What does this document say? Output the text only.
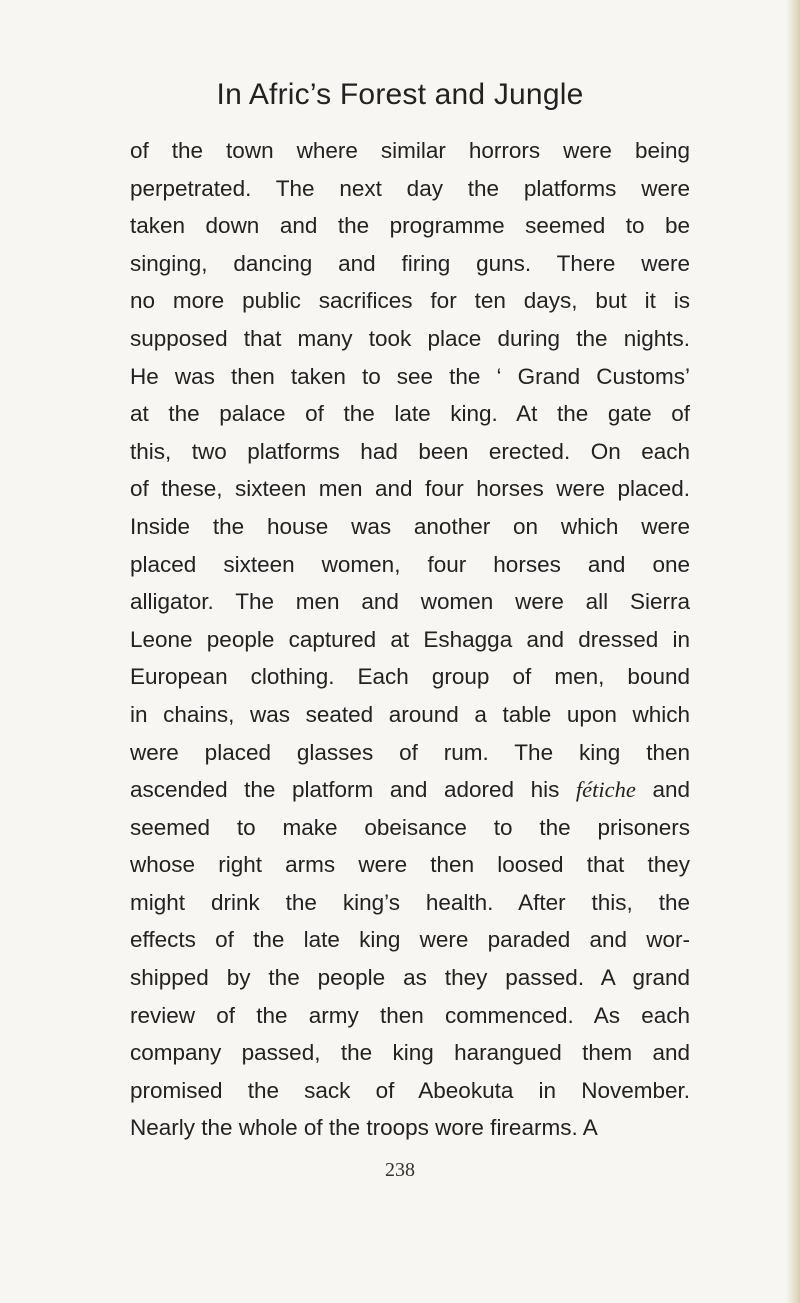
In Afric’s Forest and Jungle
of the town where similar horrors were being
perpetrated. The next day the platforms were
taken down and the programme seemed to be
singing, dancing and firing guns. There were
no more public sacrifices for ten days, but it is
supposed that many took place during the nights.
He was then taken to see the ‘ Grand Customs’
at the palace of the late king. At the gate of
this, two platforms had been erected. On each
of these, sixteen men and four horses were placed.
Inside the house was another on which were
placed sixteen women, four horses and one
alligator. The men and women were all Sierra
Leone people captured at Eshagga and dressed in
European clothing. Each group of men, bound
in chains, was seated around a table upon which
were placed glasses of rum. The king then
ascended the platform and adored his fétiche and
seemed to make obeisance to the prisoners
whose right arms were then loosed that they
might drink the king’s health. After this, the
effects of the late king were paraded and wor-
shipped by the people as they passed. A grand
review of the army then commenced. As each
company passed, the king harangued them and
promised the sack of Abeokuta in November.
Nearly the whole of the troops wore firearms. A
238
